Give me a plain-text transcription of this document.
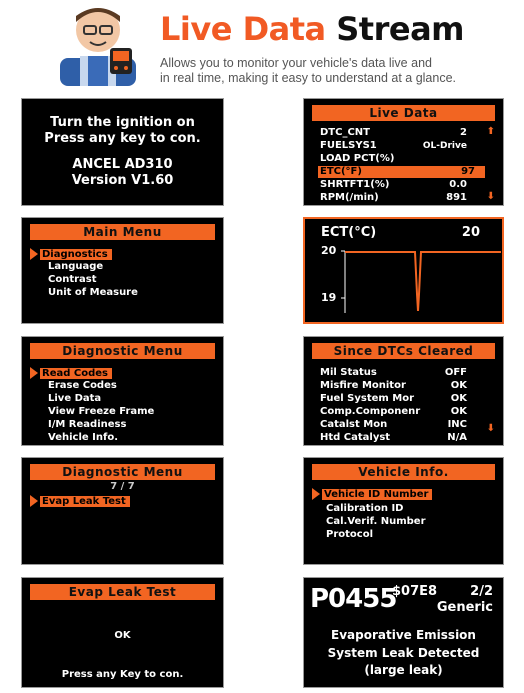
Live Data Stream
Allows you to monitor your vehicle's data live and
in real time, making it easy to understand at a glance.
Turn the ignition on
Press any key to con.
ANCEL AD310
Version V1.60
Live Data
DTC_CNT	2 ⬆
FUELSYS1	OL-Drive
LOAD PCT(%)
ETC(°F)	97
SHRTFT1(%)	0.0
RPM(/min)	891 ⬇
Main Menu
Diagnostics
Language
Contrast
Unit of Measure
ECT(°C)	20
20
19
Diagnostic Menu
Read Codes
Erase Codes
Live Data
View Freeze Frame
I/M Readiness
Vehicle Info.
Since DTCs Cleared
Mil Status	OFF
Misfire Monitor	OK
Fuel System Mor	OK
Comp.Componenr	OK
Catalst Mon	INC ⬇
Htd Catalyst	N/A
Diagnostic Menu
7 / 7
Evap Leak Test
Vehicle Info.
Vehicle ID Number
Calibration ID
Cal.Verif. Number
Protocol
Evap Leak Test
OK
Press any Key to con.
P0455
$07E8	2/2
Generic
Evaporative Emission
System Leak Detected
(large leak)
